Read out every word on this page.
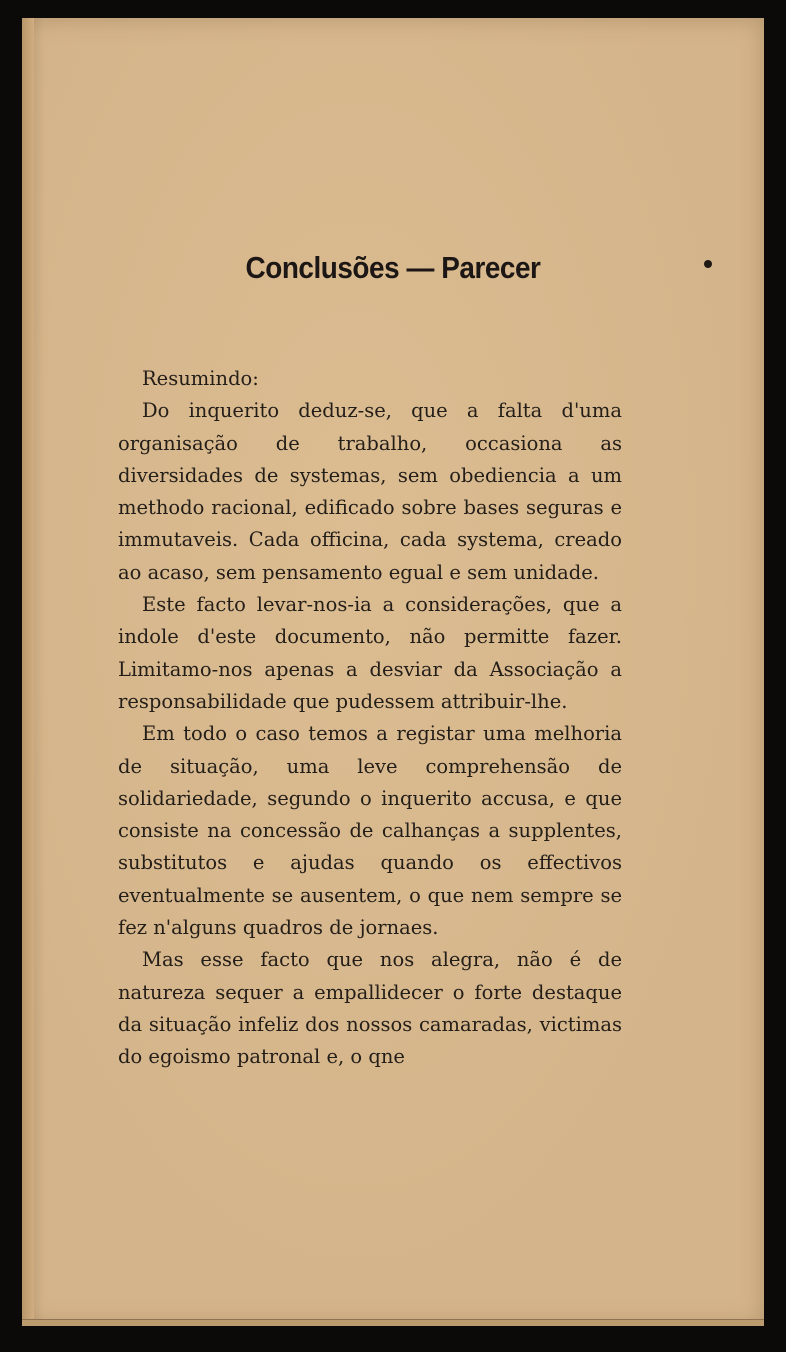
Conclusões — Parecer

Resumindo:

Do inquerito deduz-se, que a falta d'uma organisação de trabalho, occasiona as diversidades de systemas, sem obediencia a um methodo racional, edificado sobre bases seguras e immutaveis. Cada officina, cada systema, creado ao acaso, sem pensamento egual e sem unidade.

Este facto levar-nos-ia a considerações, que a indole d'este documento, não permitte fazer. Limitamo-nos apenas a desviar da Associação a responsabilidade que pudessem attribuir-lhe.

Em todo o caso temos a registar uma melhoria de situação, uma leve comprehensão de solidariedade, segundo o inquerito accusa, e que consiste na concessão de calhanças a supplentes, substitutos e ajudas quando os effectivos eventualmente se ausentem, o que nem sempre se fez n'alguns quadros de jornaes.

Mas esse facto que nos alegra, não é de natureza sequer a empallidecer o forte destaque da situação infeliz dos nossos camaradas, victimas do egoismo patronal e, o qne
